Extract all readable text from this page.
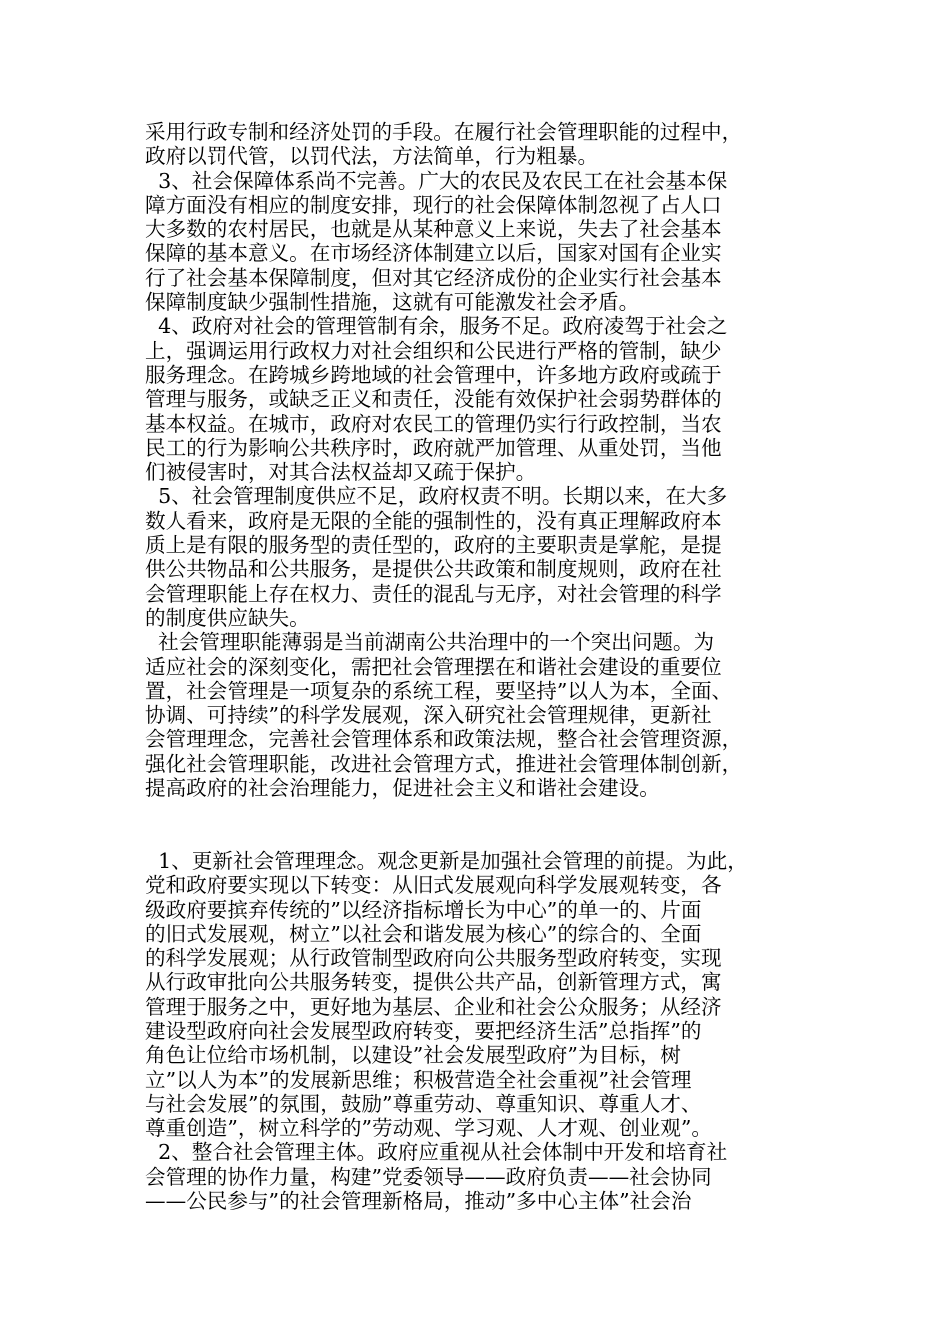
采用行政专制和经济处罚的手段。在履行社会管理职能的过程中，
政府以罚代管，以罚代法，方法简单，行为粗暴。
3、社会保障体系尚不完善。广大的农民及农民工在社会基本保
障方面没有相应的制度安排，现行的社会保障体制忽视了占人口
大多数的农村居民，也就是从某种意义上来说，失去了社会基本
保障的基本意义。在市场经济体制建立以后，国家对国有企业实
行了社会基本保障制度，但对其它经济成份的企业实行社会基本
保障制度缺少强制性措施，这就有可能激发社会矛盾。
4、政府对社会的管理管制有余，服务不足。政府凌驾于社会之
上，强调运用行政权力对社会组织和公民进行严格的管制，缺少
服务理念。在跨城乡跨地域的社会管理中，许多地方政府或疏于
管理与服务，或缺乏正义和责任，没能有效保护社会弱势群体的
基本权益。在城市，政府对农民工的管理仍实行行政控制，当农
民工的行为影响公共秩序时，政府就严加管理、从重处罚，当他
们被侵害时，对其合法权益却又疏于保护。
5、社会管理制度供应不足，政府权责不明。长期以来，在大多
数人看来，政府是无限的全能的强制性的，没有真正理解政府本
质上是有限的服务型的责任型的，政府的主要职责是掌舵，是提
供公共物品和公共服务，是提供公共政策和制度规则，政府在社
会管理职能上存在权力、责任的混乱与无序，对社会管理的科学
的制度供应缺失。
社会管理职能薄弱是当前湖南公共治理中的一个突出问题。为
适应社会的深刻变化，需把社会管理摆在和谐社会建设的重要位
置，社会管理是一项复杂的系统工程，要坚持”以人为本，全面、
协调、可持续”的科学发展观，深入研究社会管理规律，更新社
会管理理念，完善社会管理体系和政策法规，整合社会管理资源，
强化社会管理职能，改进社会管理方式，推进社会管理体制创新，
提高政府的社会治理能力，促进社会主义和谐社会建设。
1、更新社会管理理念。观念更新是加强社会管理的前提。为此，
党和政府要实现以下转变：从旧式发展观向科学发展观转变，各
级政府要摈弃传统的”以经济指标增长为中心”的单一的、片面
的旧式发展观，树立”以社会和谐发展为核心”的综合的、全面
的科学发展观；从行政管制型政府向公共服务型政府转变，实现
从行政审批向公共服务转变，提供公共产品，创新管理方式，寓
管理于服务之中，更好地为基层、企业和社会公众服务；从经济
建设型政府向社会发展型政府转变，要把经济生活”总指挥”的
角色让位给市场机制，以建设”社会发展型政府”为目标，树
立”以人为本”的发展新思维；积极营造全社会重视”社会管理
与社会发展”的氛围，鼓励”尊重劳动、尊重知识、尊重人才、
尊重创造”，树立科学的”劳动观、学习观、人才观、创业观”。
2、整合社会管理主体。政府应重视从社会体制中开发和培育社
会管理的协作力量，构建”党委领导——政府负责——社会协同
——公民参与”的社会管理新格局，推动”多中心主体”社会治
